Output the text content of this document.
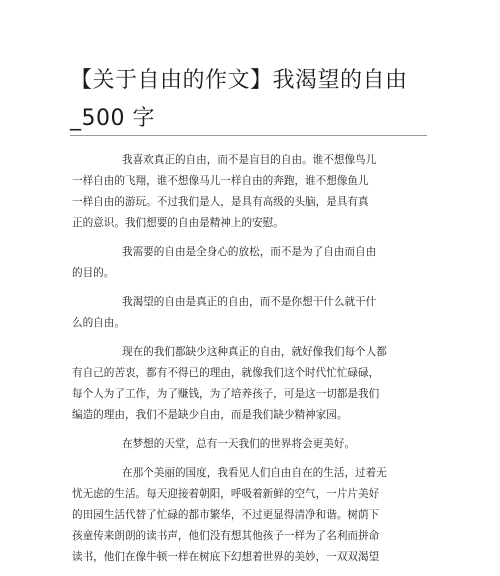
【关于自由的作文】我渴望的自由
_500 字
我喜欢真正的自由，而不是盲目的自由。谁不想像鸟儿
一样自由的飞翔，谁不想像马儿一样自由的奔跑，谁不想像鱼儿
一样自由的游玩。不过我们是人，是具有高级的头脑，是具有真
正的意识。我们想要的自由是精神上的安慰。
我需要的自由是全身心的放松，而不是为了自由而自由
的目的。
我渴望的自由是真正的自由，而不是你想干什么就干什
么的自由。
现在的我们都缺少这种真正的自由，就好像我们每个人都
有自己的苦衷，都有不得已的理由，就像我们这个时代忙忙碌碌，
每个人为了工作，为了赚钱，为了培养孩子，可是这一切都是我们
编造的理由，我们不是缺少自由，而是我们缺少精神家园。
在梦想的天堂，总有一天我们的世界将会更美好。
在那个美丽的国度，我看见人们自由自在的生活，过着无
忧无虑的生活。每天迎接着朝阳，呼吸着新鲜的空气，一片片美好
的田园生活代替了忙碌的都市繁华，不过更显得清净和谐。树荫下
孩童传来朗朗的读书声，他们没有想其他孩子一样为了名利而拼命
读书，他们在像牛顿一样在树底下幻想着世界的美妙，一双双渴望
